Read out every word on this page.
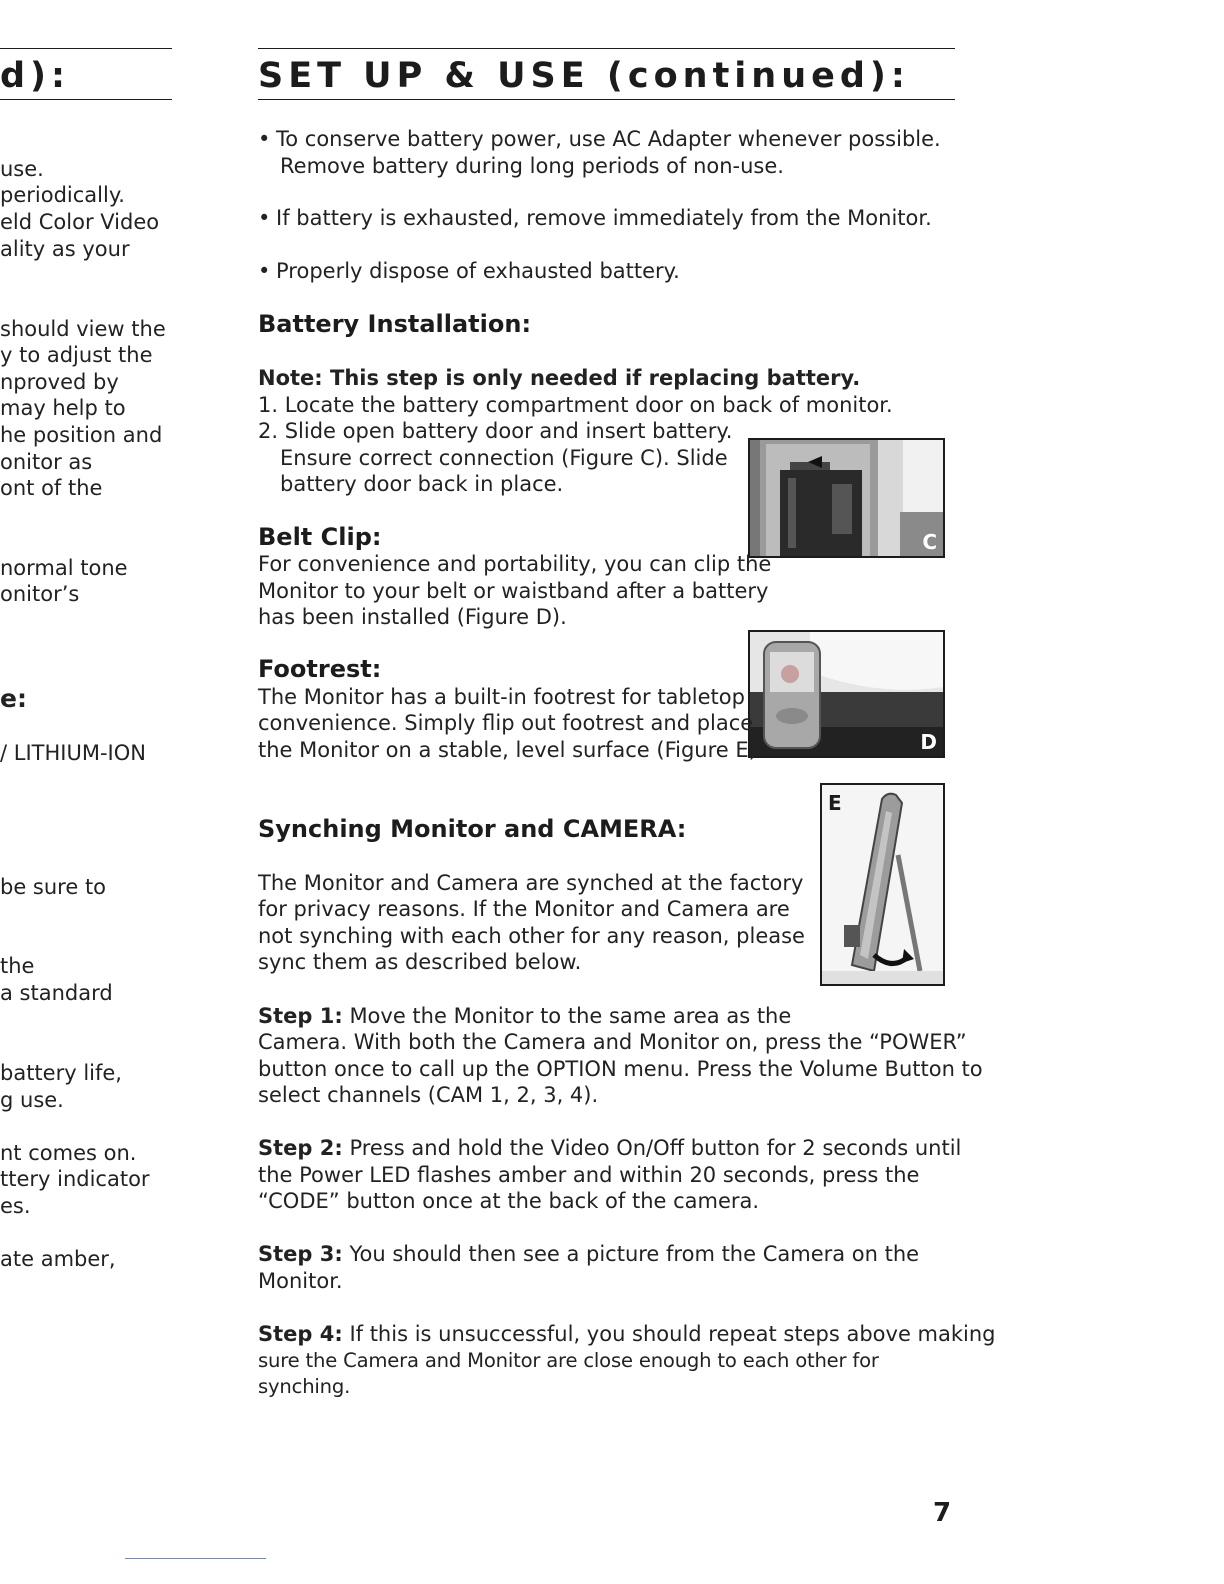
d):
use.
periodically.
eld Color Video
ality as your
should view the
y to adjust the
nproved by
may help to
he position and
onitor as
ont of the
normal tone
onitor’s
e:
/ LITHIUM-ION
be sure to
the
a standard
battery life,
g use.
nt comes on.
ttery indicator
es.
ate amber,
SET UP & USE (continued):
• To conserve battery power, use AC Adapter whenever possible.
Remove battery during long periods of non-use.
• If battery is exhausted, remove immediately from the Monitor.
• Properly dispose of exhausted battery.
Battery Installation:
Note: This step is only needed if replacing battery.
1. Locate the battery compartment door on back of monitor.
2. Slide open battery door and insert battery.
Ensure correct connection (Figure C). Slide
battery door back in place.
C
Belt Clip:
For convenience and portability, you can clip the
Monitor to your belt or waistband after a battery
has been installed (Figure D).
D
Footrest:
The Monitor has a built-in footrest for tabletop
convenience. Simply flip out footrest and place
the Monitor on a stable, level surface (Figure E).
E
Synching Monitor and CAMERA:
The Monitor and Camera are synched at the factory
for privacy reasons. If the Monitor and Camera are
not synching with each other for any reason, please
sync them as described below.
Step 1: Move the Monitor to the same area as the
Camera. With both the Camera and Monitor on, press the “POWER”
button once to call up the OPTION menu. Press the Volume Button to
select channels (CAM 1, 2, 3, 4).
Step 2: Press and hold the Video On/Off button for 2 seconds until
the Power LED flashes amber and within 20 seconds, press the
“CODE” button once at the back of the camera.
Step 3: You should then see a picture from the Camera on the
Monitor.
Step 4: If this is unsuccessful, you should repeat steps above making
sure the Camera and Monitor are close enough to each other for
synching.
7
